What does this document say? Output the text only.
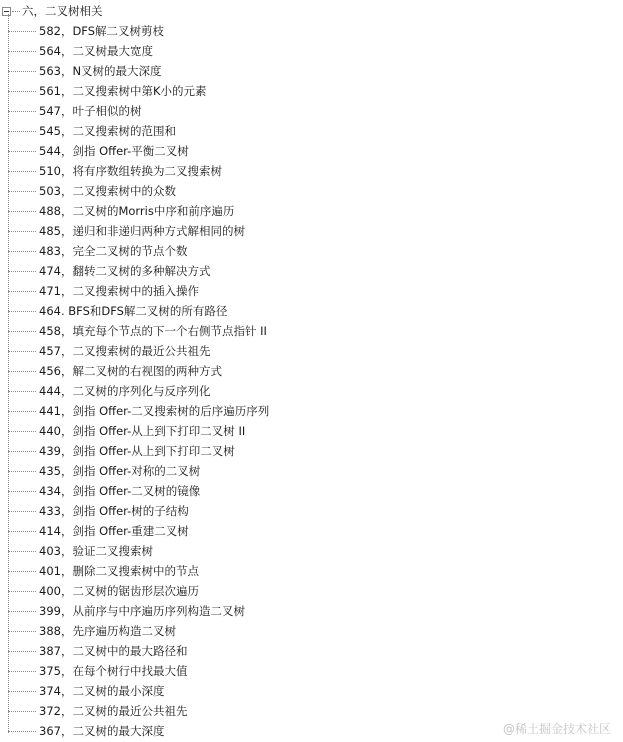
六，二叉树相关
582，DFS解二叉树剪枝
564，二叉树最大宽度
563，N叉树的最大深度
561，二叉搜索树中第K小的元素
547，叶子相似的树
545，二叉搜索树的范围和
544，剑指 Offer-平衡二叉树
510，将有序数组转换为二叉搜索树
503，二叉搜索树中的众数
488，二叉树的Morris中序和前序遍历
485，递归和非递归两种方式解相同的树
483，完全二叉树的节点个数
474，翻转二叉树的多种解决方式
471，二叉搜索树中的插入操作
464. BFS和DFS解二叉树的所有路径
458，填充每个节点的下一个右侧节点指针 II
457，二叉搜索树的最近公共祖先
456，解二叉树的右视图的两种方式
444，二叉树的序列化与反序列化
441，剑指 Offer-二叉搜索树的后序遍历序列
440，剑指 Offer-从上到下打印二叉树 II
439，剑指 Offer-从上到下打印二叉树
435，剑指 Offer-对称的二叉树
434，剑指 Offer-二叉树的镜像
433，剑指 Offer-树的子结构
414，剑指 Offer-重建二叉树
403，验证二叉搜索树
401，删除二叉搜索树中的节点
400，二叉树的锯齿形层次遍历
399，从前序与中序遍历序列构造二叉树
388，先序遍历构造二叉树
387，二叉树中的最大路径和
375，在每个树行中找最大值
374，二叉树的最小深度
372，二叉树的最近公共祖先
367，二叉树的最大深度	@稀土掘金技术社区
